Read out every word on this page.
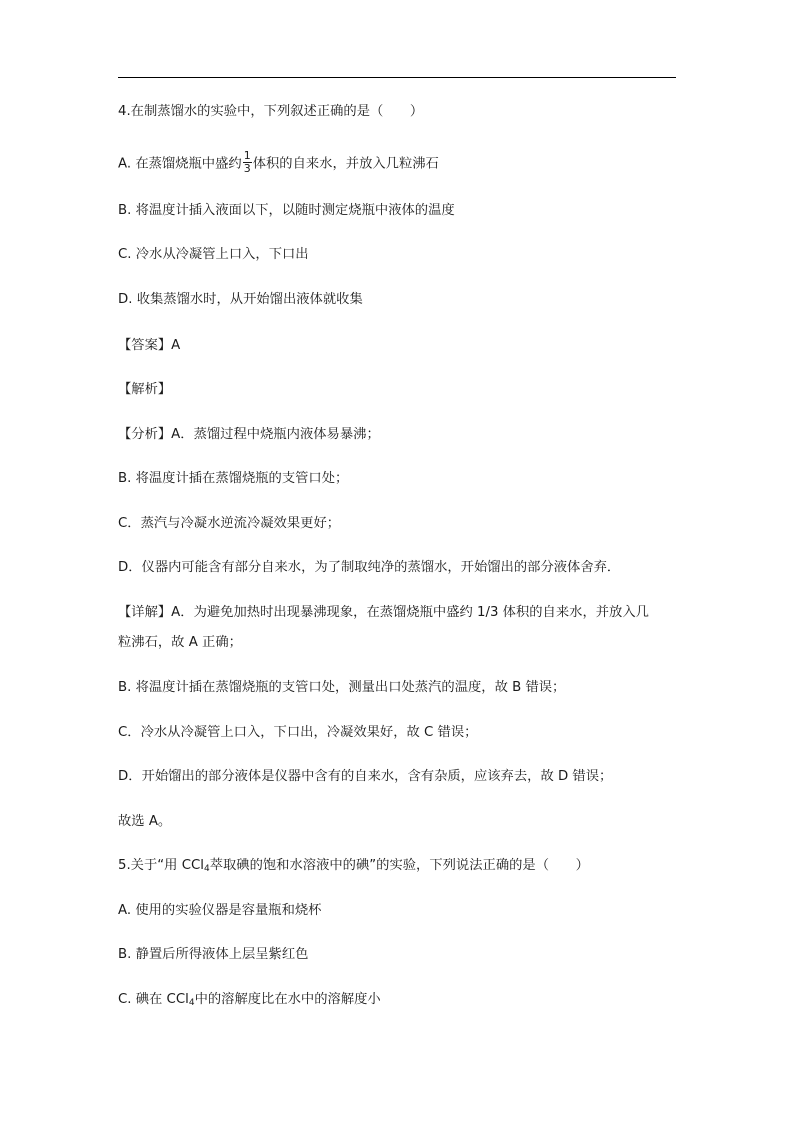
4.在制蒸馏水的实验中，下列叙述正确的是（　　）
A. 在蒸馏烧瓶中盛约 $\frac{1}{3}$ 体积的自来水，并放入几粒沸石
B. 将温度计插入液面以下，以随时测定烧瓶中液体的温度
C. 冷水从冷凝管上口入，下口出
D. 收集蒸馏水时，从开始馏出液体就收集
【答案】A
【解析】
【分析】A．蒸馏过程中烧瓶内液体易暴沸；
B. 将温度计插在蒸馏烧瓶的支管口处；
C．蒸汽与冷凝水逆流冷凝效果更好；
D．仪器内可能含有部分自来水，为了制取纯净的蒸馏水，开始馏出的部分液体舍弃．
【详解】A．为避免加热时出现暴沸现象，在蒸馏烧瓶中盛约 1/3 体积的自来水，并放入几
粒沸石，故 A 正确；
B. 将温度计插在蒸馏烧瓶的支管口处，测量出口处蒸汽的温度，故 B 错误；
C．冷水从冷凝管上口入，下口出，冷凝效果好，故 C 错误；
D．开始馏出的部分液体是仪器中含有的自来水，含有杂质，应该弃去，故 D 错误；
故选 A。
5.关于“用 CCl$_4$萃取碘的饱和水溶液中的碘”的实验，下列说法正确的是（　　）
A. 使用的实验仪器是容量瓶和烧杯
B. 静置后所得液体上层呈紫红色
C. 碘在 CCl$_4$中的溶解度比在水中的溶解度小
